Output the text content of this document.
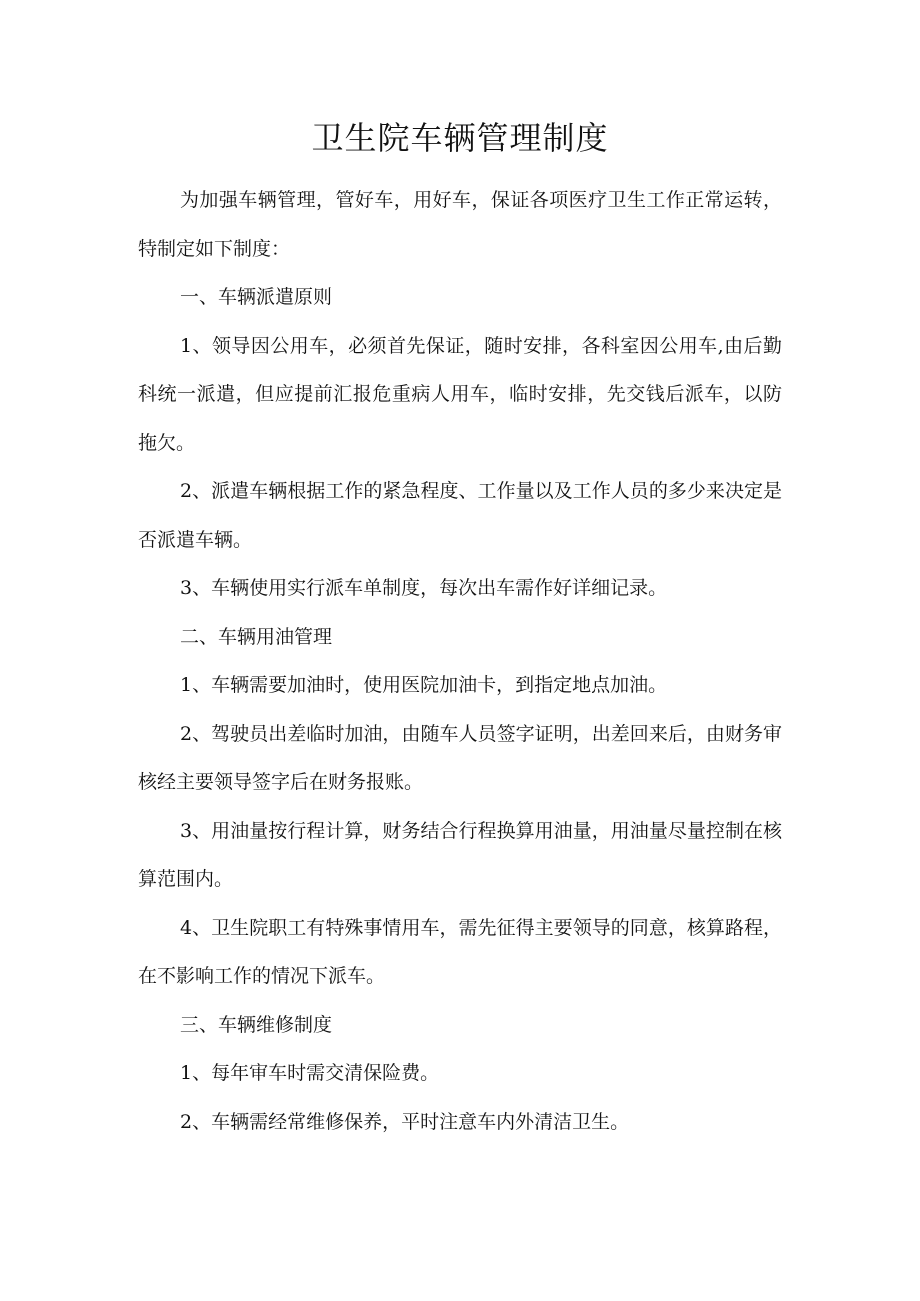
卫生院车辆管理制度

为加强车辆管理，管好车，用好车，保证各项医疗卫生工作正常运转，特制定如下制度：

一、车辆派遣原则

1、领导因公用车，必须首先保证，随时安排，各科室因公用车,由后勤科统一派遣，但应提前汇报危重病人用车，临时安排，先交钱后派车，以防拖欠。

2、派遣车辆根据工作的紧急程度、工作量以及工作人员的多少来决定是否派遣车辆。

3、车辆使用实行派车单制度，每次出车需作好详细记录。

二、车辆用油管理

1、车辆需要加油时，使用医院加油卡，到指定地点加油。

2、驾驶员出差临时加油，由随车人员签字证明，出差回来后，由财务审核经主要领导签字后在财务报账。

3、用油量按行程计算，财务结合行程换算用油量，用油量尽量控制在核算范围内。

4、卫生院职工有特殊事情用车，需先征得主要领导的同意，核算路程，在不影响工作的情况下派车。

三、车辆维修制度

1、每年审车时需交清保险费。

2、车辆需经常维修保养，平时注意车内外清洁卫生。
